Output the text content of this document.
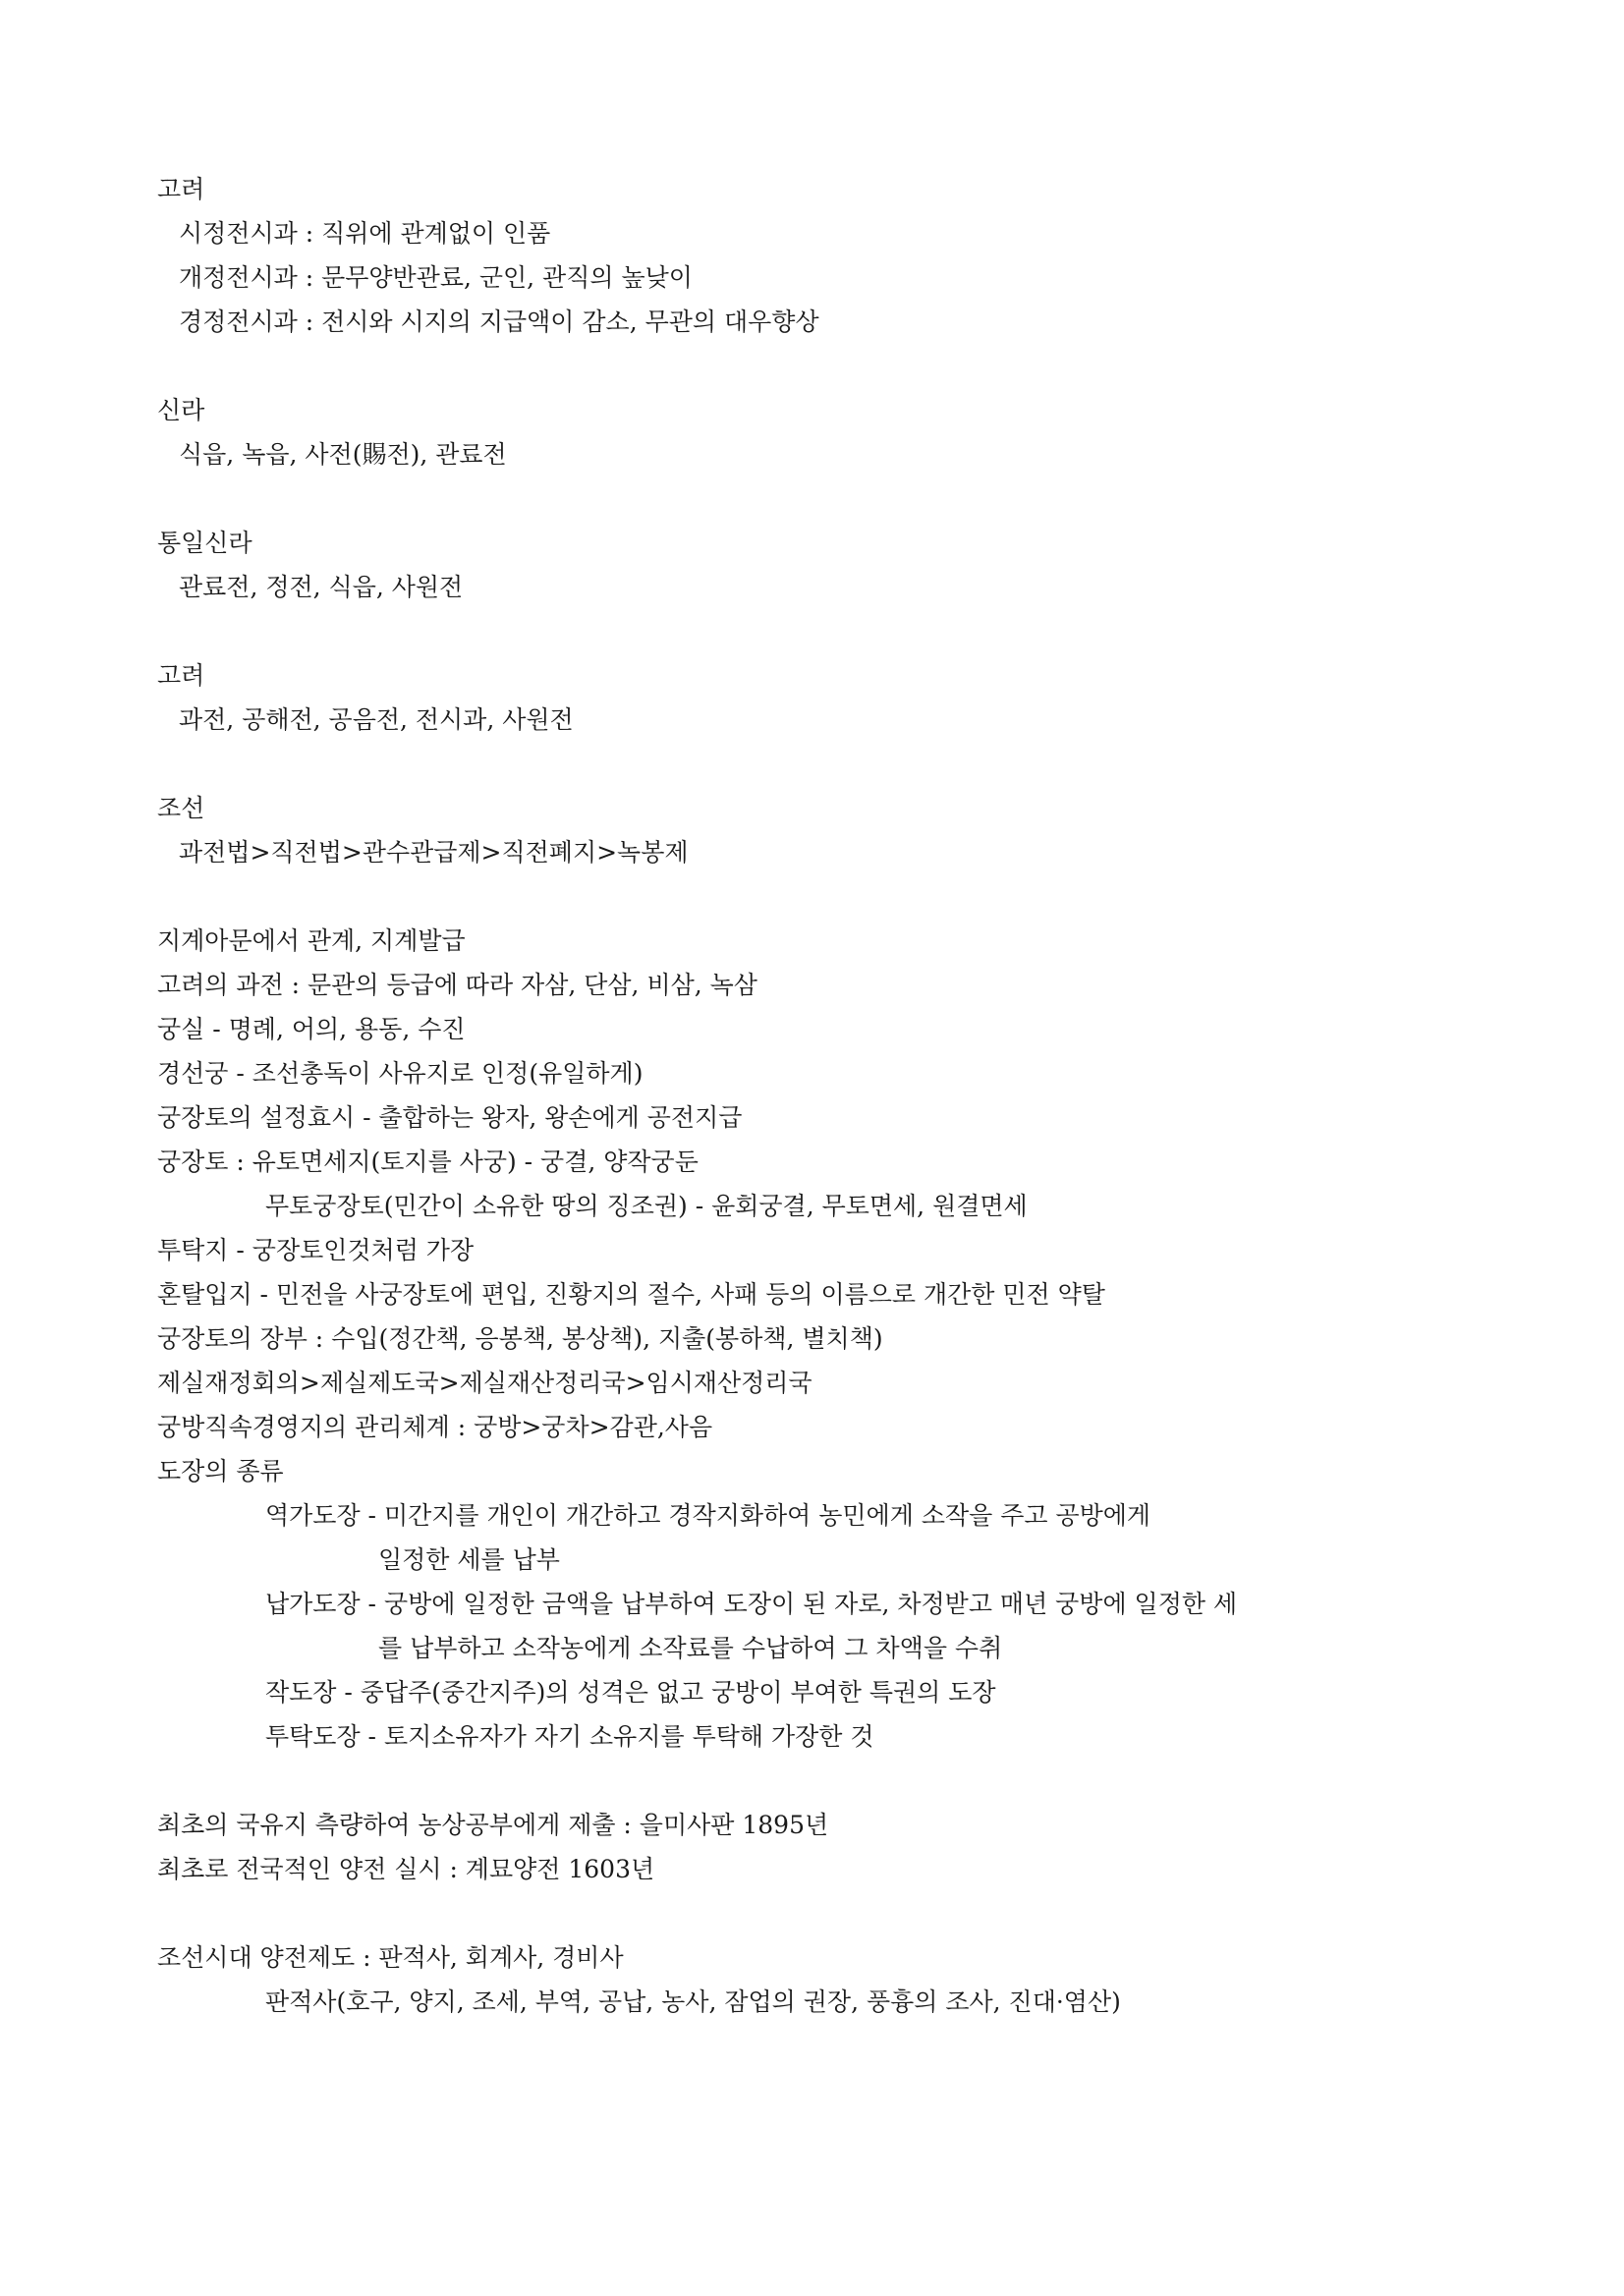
고려
시정전시과 : 직위에 관계없이 인품
개정전시과 : 문무양반관료, 군인, 관직의 높낮이
경정전시과 : 전시와 시지의 지급액이 감소, 무관의 대우향상
신라
식읍, 녹읍, 사전(賜전), 관료전
통일신라
관료전, 정전, 식읍, 사원전
고려
과전, 공해전, 공음전, 전시과, 사원전
조선
과전법>직전법>관수관급제>직전폐지>녹봉제
지계아문에서 관계, 지계발급
고려의 과전 : 문관의 등급에 따라 자삼, 단삼, 비삼, 녹삼
궁실 - 명례, 어의, 용동, 수진
경선궁 - 조선총독이 사유지로 인정(유일하게)
궁장토의 설정효시 - 출합하는 왕자, 왕손에게 공전지급
궁장토 : 유토면세지(토지를 사궁) - 궁결, 양작궁둔
무토궁장토(민간이 소유한 땅의 징조권) - 윤회궁결, 무토면세, 원결면세
투탁지 - 궁장토인것처럼 가장
혼탈입지 - 민전을 사궁장토에 편입, 진황지의 절수, 사패 등의 이름으로 개간한 민전 약탈
궁장토의 장부 : 수입(정간책, 응봉책, 봉상책), 지출(봉하책, 별치책)
제실재정회의>제실제도국>제실재산정리국>임시재산정리국
궁방직속경영지의 관리체계 : 궁방>궁차>감관,사음
도장의 종류
역가도장 - 미간지를 개인이 개간하고 경작지화하여 농민에게 소작을 주고 공방에게
일정한 세를 납부
납가도장 - 궁방에 일정한 금액을 납부하여 도장이 된 자로, 차정받고 매년 궁방에 일정한 세
를 납부하고 소작농에게 소작료를 수납하여 그 차액을 수취
작도장 - 중답주(중간지주)의 성격은 없고 궁방이 부여한 특권의 도장
투탁도장 - 토지소유자가 자기 소유지를 투탁해 가장한 것
최초의 국유지 측량하여 농상공부에게 제출 : 을미사판 1895년
최초로 전국적인 양전 실시 : 계묘양전 1603년
조선시대 양전제도 : 판적사, 회계사, 경비사
판적사(호구, 양지, 조세, 부역, 공납, 농사, 잠업의 권장, 풍흉의 조사, 진대·염산)
